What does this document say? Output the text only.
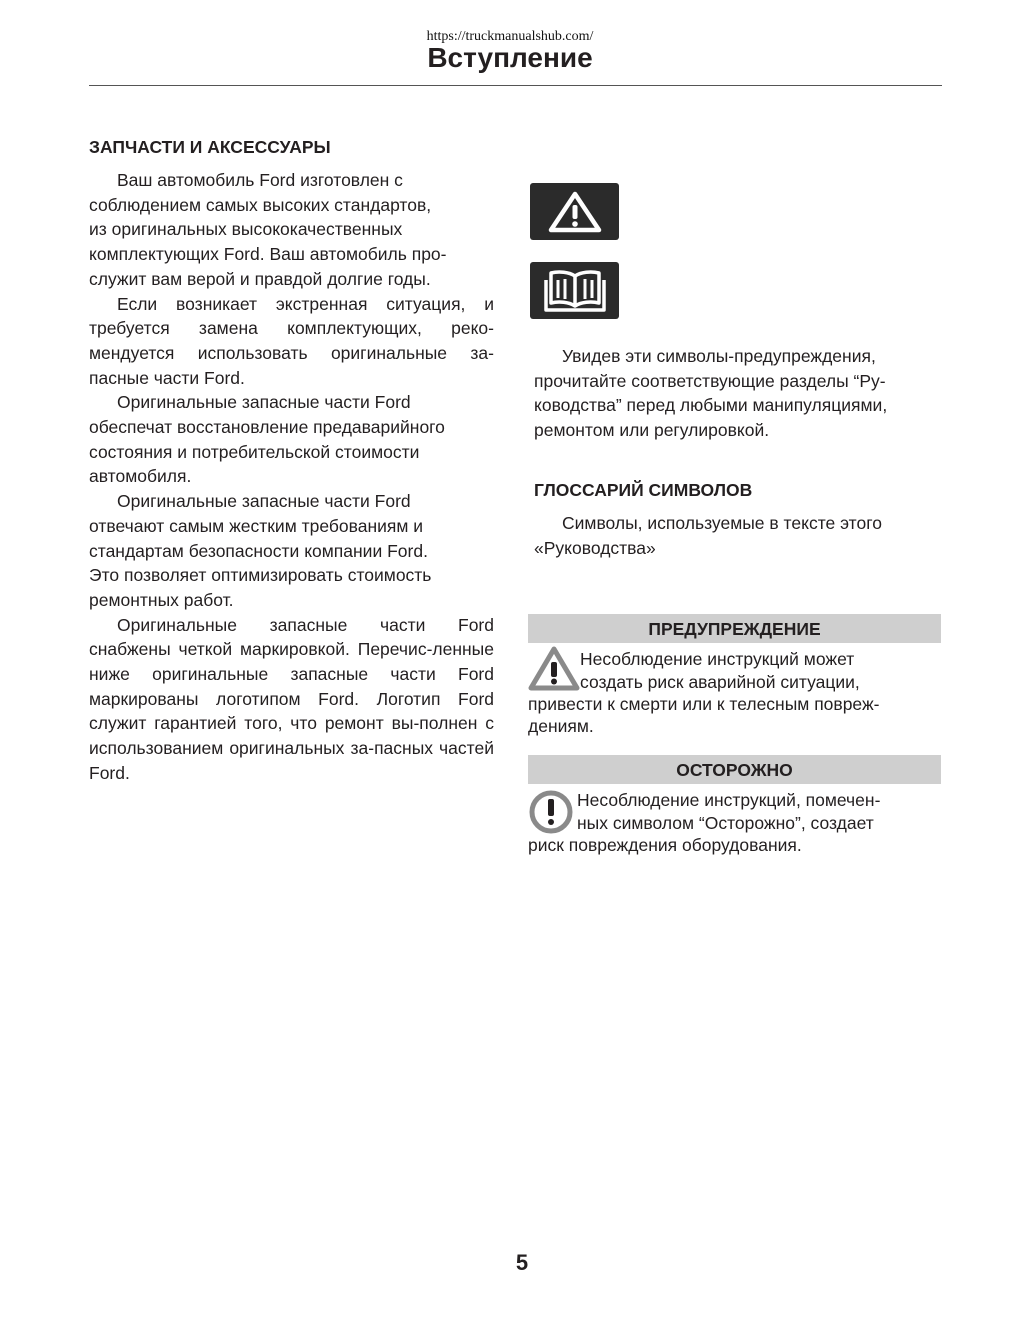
https://truckmanualshub.com/
Вступление
ЗАПЧАСТИ И АКСЕССУАРЫ
Ваш автомобиль Ford изготовлен с
соблюдением самых высоких стандартов,
из оригинальных высококачественных
комплектующих Ford. Ваш автомобиль про-
служит вам верой и правдой долгие годы.

Если возникает экстренная ситуация, и требуется замена комплектующих, реко-мендуется использовать оригинальные за-пасные части Ford.

Оригинальные запасные части Ford
обеспечат восстановление предаварийного
состояния и потребительской стоимости
автомобиля.
Оригинальные запасные части Ford
отвечают самым жестким требованиям и
стандартам безопасности компании Ford.
Это позволяет оптимизировать стоимость
ремонтных работ.

Оригинальные запасные части Ford снабжены четкой маркировкой. Перечис-ленные ниже оригинальные запасные части Ford маркированы логотипом Ford. Логотип Ford служит гарантией того, что ремонт вы-полнен с использованием оригинальных за-пасных частей Ford.

Увидев эти символы-предупреждения,
прочитайте соответствующие разделы “Ру-
ководства” перед любыми манипуляциями,
ремонтом или регулировкой.
ГЛОССАРИЙ СИМВОЛОВ
Символы, используемые в тексте этого
«Руководства»
ПРЕДУПРЕЖДЕНИЕ
Несоблюдение инструкций может
создать риск аварийной ситуации,
привести к смерти или к телесным повреж-
дениям.
ОСТОРОЖНО
Несоблюдение инструкций, помечен-
ных символом “Осторожно”, создает
риск повреждения оборудования.
5
